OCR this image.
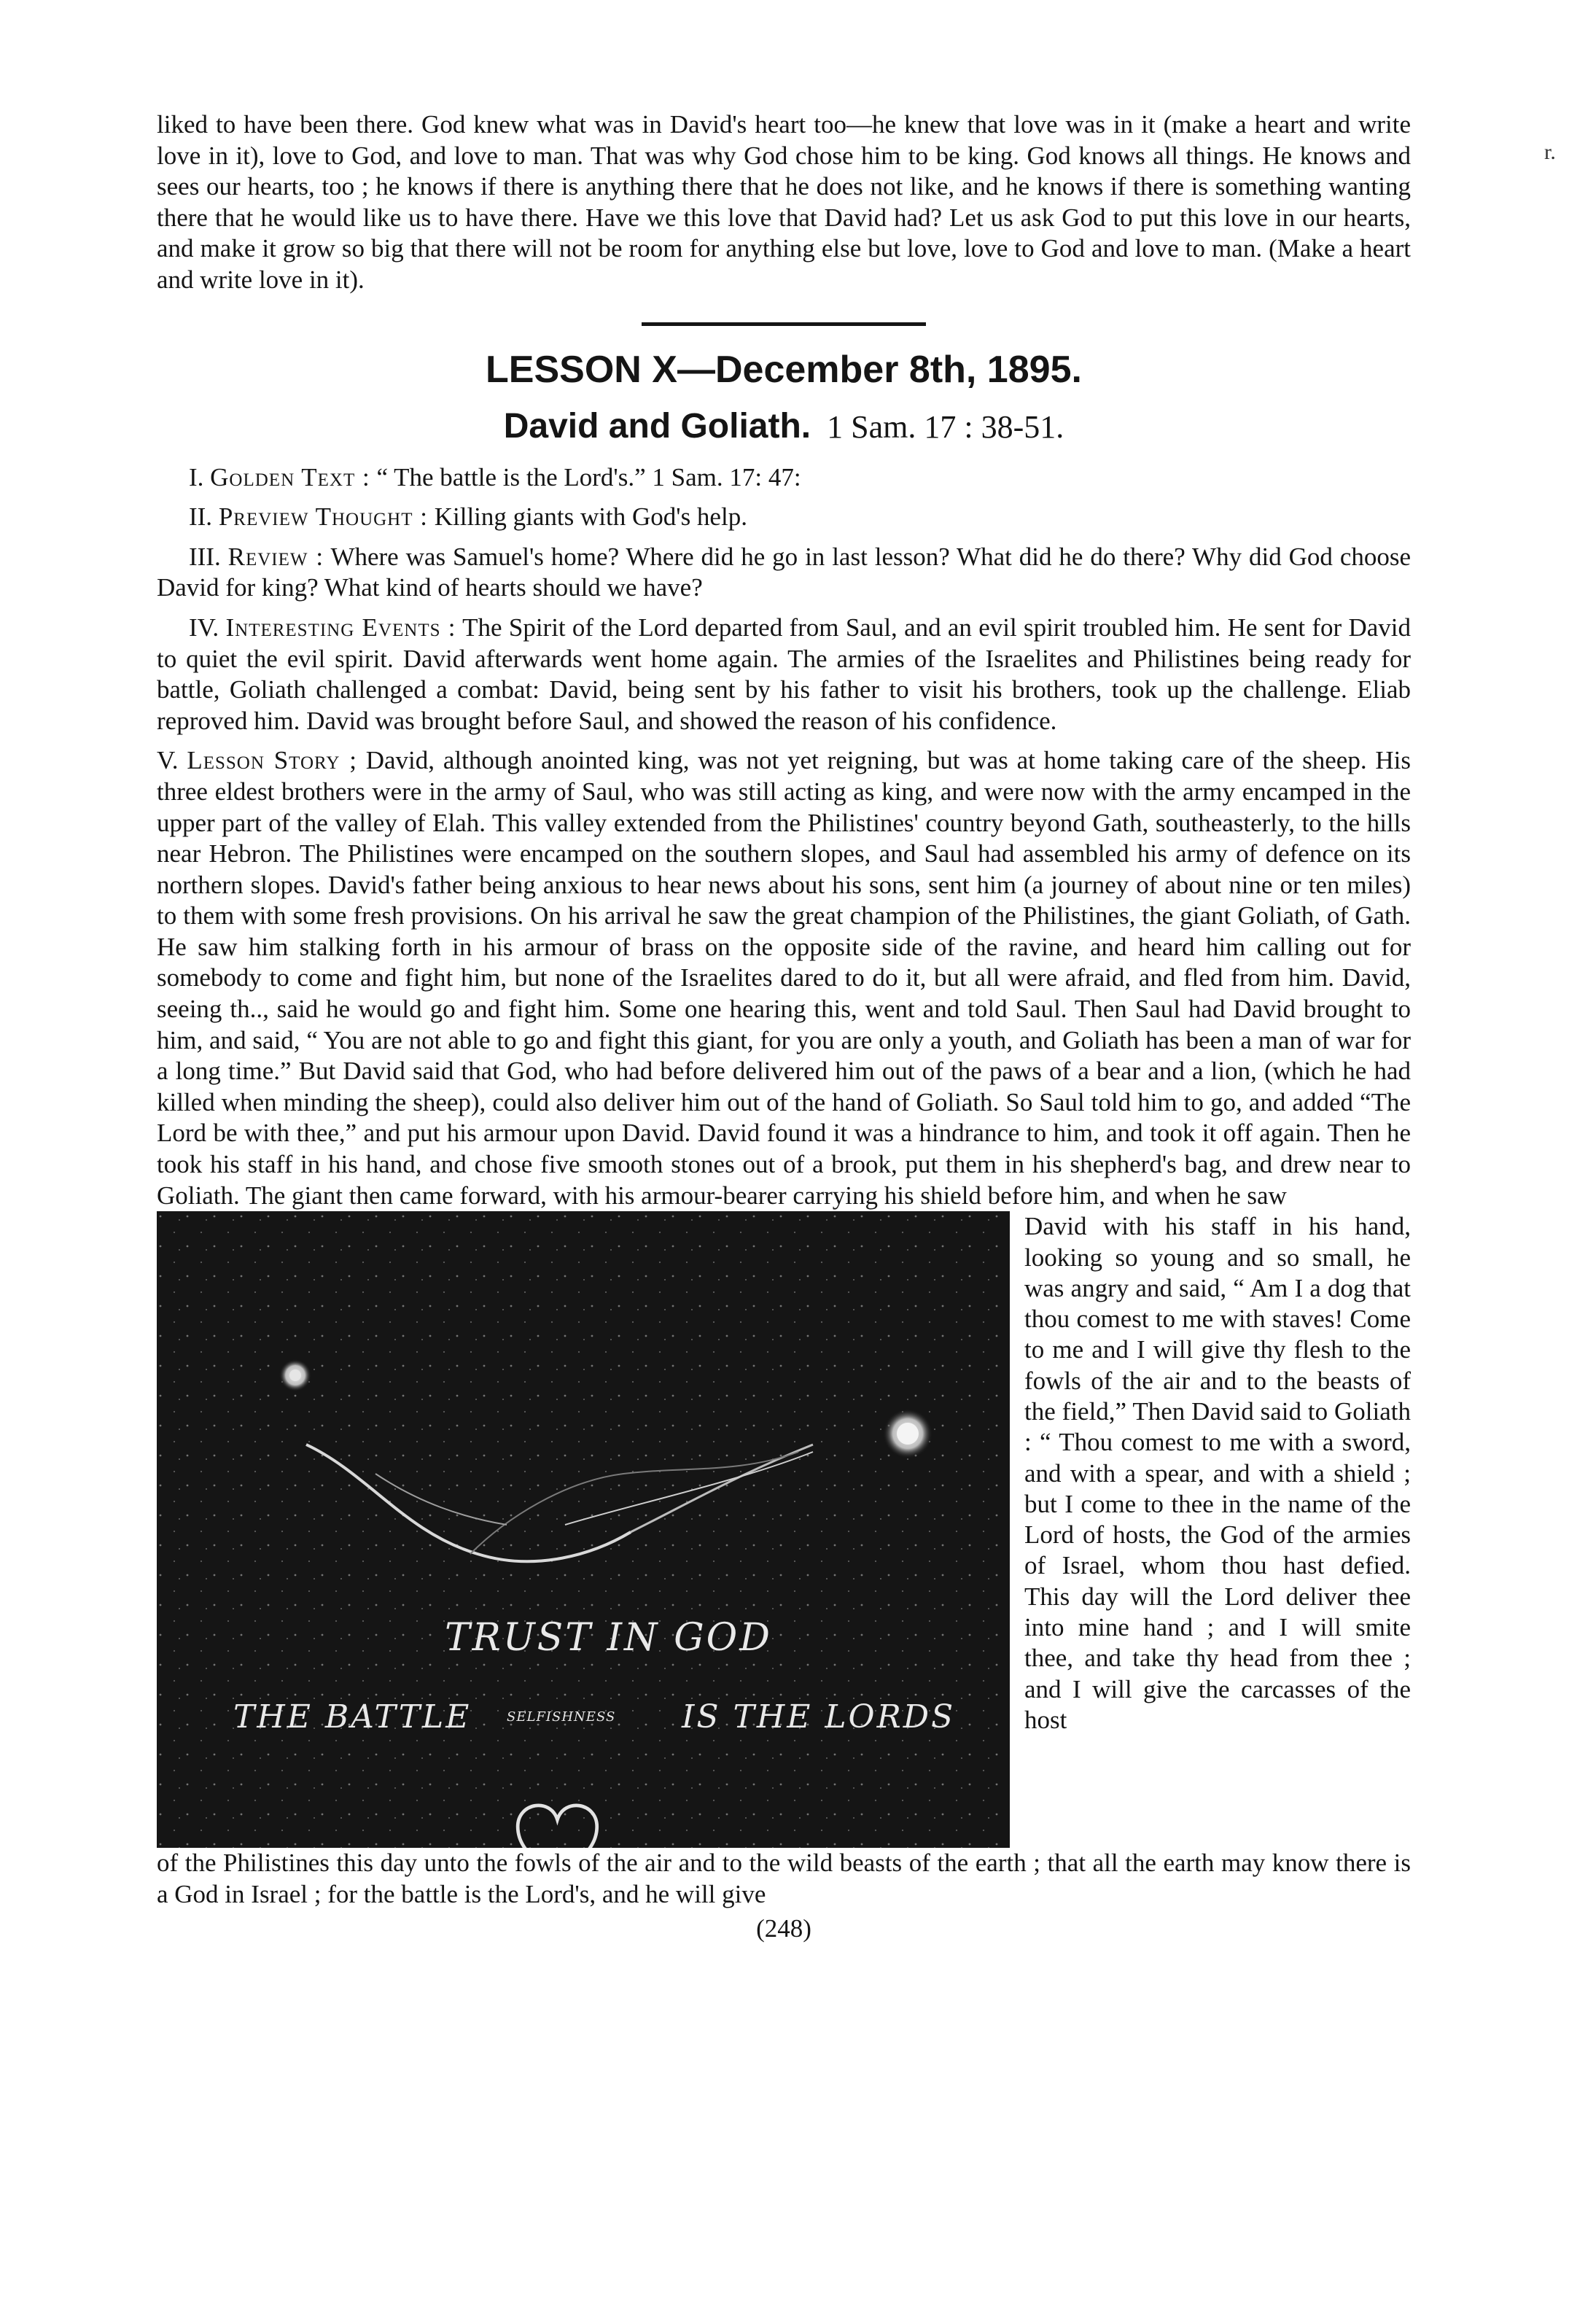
r.

liked to have been there. God knew what was in David's heart too—he knew that love was in it (make a heart and write love in it), love to God, and love to man. That was why God chose him to be king. God knows all things. He knows and sees our hearts, too ; he knows if there is anything there that he does not like, and he knows if there is something wanting there that he would like us to have there. Have we this love that David had? Let us ask God to put this love in our hearts, and make it grow so big that there will not be room for anything else but love, love to God and love to man. (Make a heart and write love in it).

LESSON X—December 8th, 1895.
David and Goliath. 1 Sam. 17 : 38-51.

I. Golden Text : “ The battle is the Lord's.” 1 Sam. 17: 47:

II. Preview Thought : Killing giants with God's help.

III. Review : Where was Samuel's home? Where did he go in last lesson? What did he do there? Why did God choose David for king? What kind of hearts should we have?

IV. Interesting Events : The Spirit of the Lord departed from Saul, and an evil spirit troubled him. He sent for David to quiet the evil spirit. David afterwards went home again. The armies of the Israelites and Philistines being ready for battle, Goliath challenged a combat: David, being sent by his father to visit his brothers, took up the challenge. Eliab reproved him. David was brought before Saul, and showed the reason of his confidence.

V. Lesson Story ; David, although anointed king, was not yet reigning, but was at home taking care of the sheep. His three eldest brothers were in the army of Saul, who was still acting as king, and were now with the army encamped in the upper part of the valley of Elah. This valley extended from the Philistines' country beyond Gath, southeasterly, to the hills near Hebron. The Philistines were encamped on the southern slopes, and Saul had assembled his army of defence on its northern slopes. David's father being anxious to hear news about his sons, sent him (a journey of about nine or ten miles) to them with some fresh provisions. On his arrival he saw the great champion of the Philistines, the giant Goliath, of Gath. He saw him stalking forth in his armour of brass on the opposite side of the ravine, and heard him calling out for somebody to come and fight him, but none of the Israelites dared to do it, but all were afraid, and fled from him. David, seeing th.., said he would go and fight him. Some one hearing this, went and told Saul. Then Saul had David brought to him, and said, “ You are not able to go and fight this giant, for you are only a youth, and Goliath has been a man of war for a long time.” But David said that God, who had before delivered him out of the paws of a bear and a lion, (which he had killed when minding the sheep), could also deliver him out of the hand of Goliath. So Saul told him to go, and added “The Lord be with thee,” and put his armour upon David. David found it was a hindrance to him, and took it off again. Then he took his staff in his hand, and chose five smooth stones out of a brook, put them in his shepherd's bag, and drew near to Goliath. The giant then came forward, with his armour-bearer carrying his shield before him, and when he saw

TRUST IN GOD
THE BATTLE	SELFISHNESS IS THE LORDS

David with his staff in his hand, looking so young and so small, he was angry and said, “ Am I a dog that thou comest to me with staves! Come to me and I will give thy flesh to the fowls of the air and to the beasts of the field,” Then David said to Goliath : “ Thou comest to me with a sword, and with a spear, and with a shield ; but I come to thee in the name of the Lord of hosts, the God of the armies of Israel, whom thou hast defied. This day will the Lord deliver thee into mine hand ; and I will smite thee, and take thy head from thee ; and I will give the carcasses of the host

of the Philistines this day unto the fowls of the air and to the wild beasts of the earth ; that all the earth may know there is a God in Israel ; for the battle is the Lord's, and he will give

(248)
